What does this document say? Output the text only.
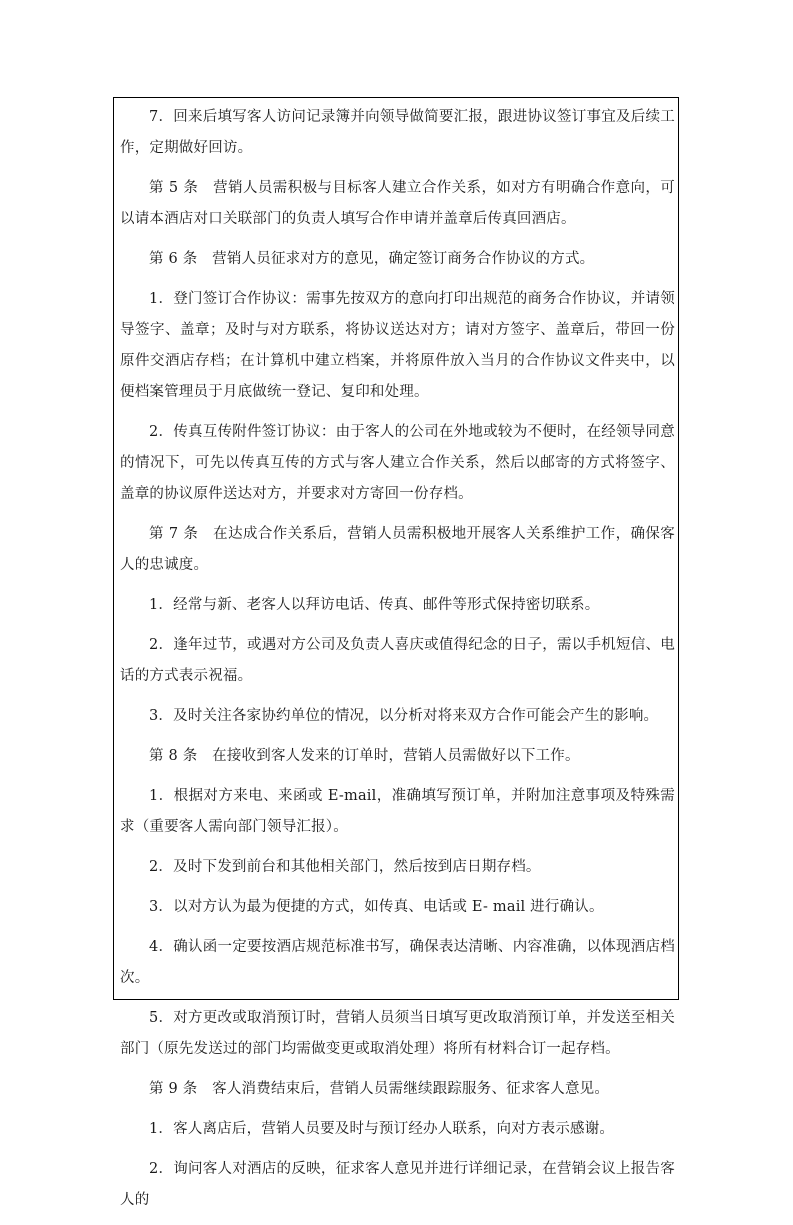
7．回来后填写客人访问记录簿并向领导做简要汇报，跟进协议签订事宜及后续工作，定期做好回访。

第 5 条　营销人员需积极与目标客人建立合作关系，如对方有明确合作意向，可以请本酒店对口关联部门的负责人填写合作申请并盖章后传真回酒店。

第 6 条　营销人员征求对方的意见，确定签订商务合作协议的方式。

1．登门签订合作协议：需事先按双方的意向打印出规范的商务合作协议，并请领导签字、盖章；及时与对方联系，将协议送达对方；请对方签字、盖章后，带回一份原件交酒店存档；在计算机中建立档案，并将原件放入当月的合作协议文件夹中，以便档案管理员于月底做统一登记、复印和处理。

2．传真互传附件签订协议：由于客人的公司在外地或较为不便时，在经领导同意的情况下，可先以传真互传的方式与客人建立合作关系，然后以邮寄的方式将签字、盖章的协议原件送达对方，并要求对方寄回一份存档。

第 7 条　在达成合作关系后，营销人员需积极地开展客人关系维护工作，确保客人的忠诚度。

1．经常与新、老客人以拜访电话、传真、邮件等形式保持密切联系。

2．逢年过节，或遇对方公司及负责人喜庆或值得纪念的日子，需以手机短信、电话的方式表示祝福。

3．及时关注各家协约单位的情况，以分析对将来双方合作可能会产生的影响。

第 8 条　在接收到客人发来的订单时，营销人员需做好以下工作。

1．根据对方来电、来函或 E-mail，准确填写预订单，并附加注意事项及特殊需求（重要客人需向部门领导汇报）。

2．及时下发到前台和其他相关部门，然后按到店日期存档。

3．以对方认为最为便捷的方式，如传真、电话或 E- mail 进行确认。

4．确认函一定要按酒店规范标准书写，确保表达清晰、内容准确，以体现酒店档次。

5．对方更改或取消预订时，营销人员须当日填写更改取消预订单，并发送至相关部门（原先发送过的部门均需做变更或取消处理）将所有材料合订一起存档。

第 9 条　客人消费结束后，营销人员需继续跟踪服务、征求客人意见。

1．客人离店后，营销人员要及时与预订经办人联系，向对方表示感谢。

2．询问客人对酒店的反映，征求客人意见并进行详细记录，在营销会议上报告客人的
